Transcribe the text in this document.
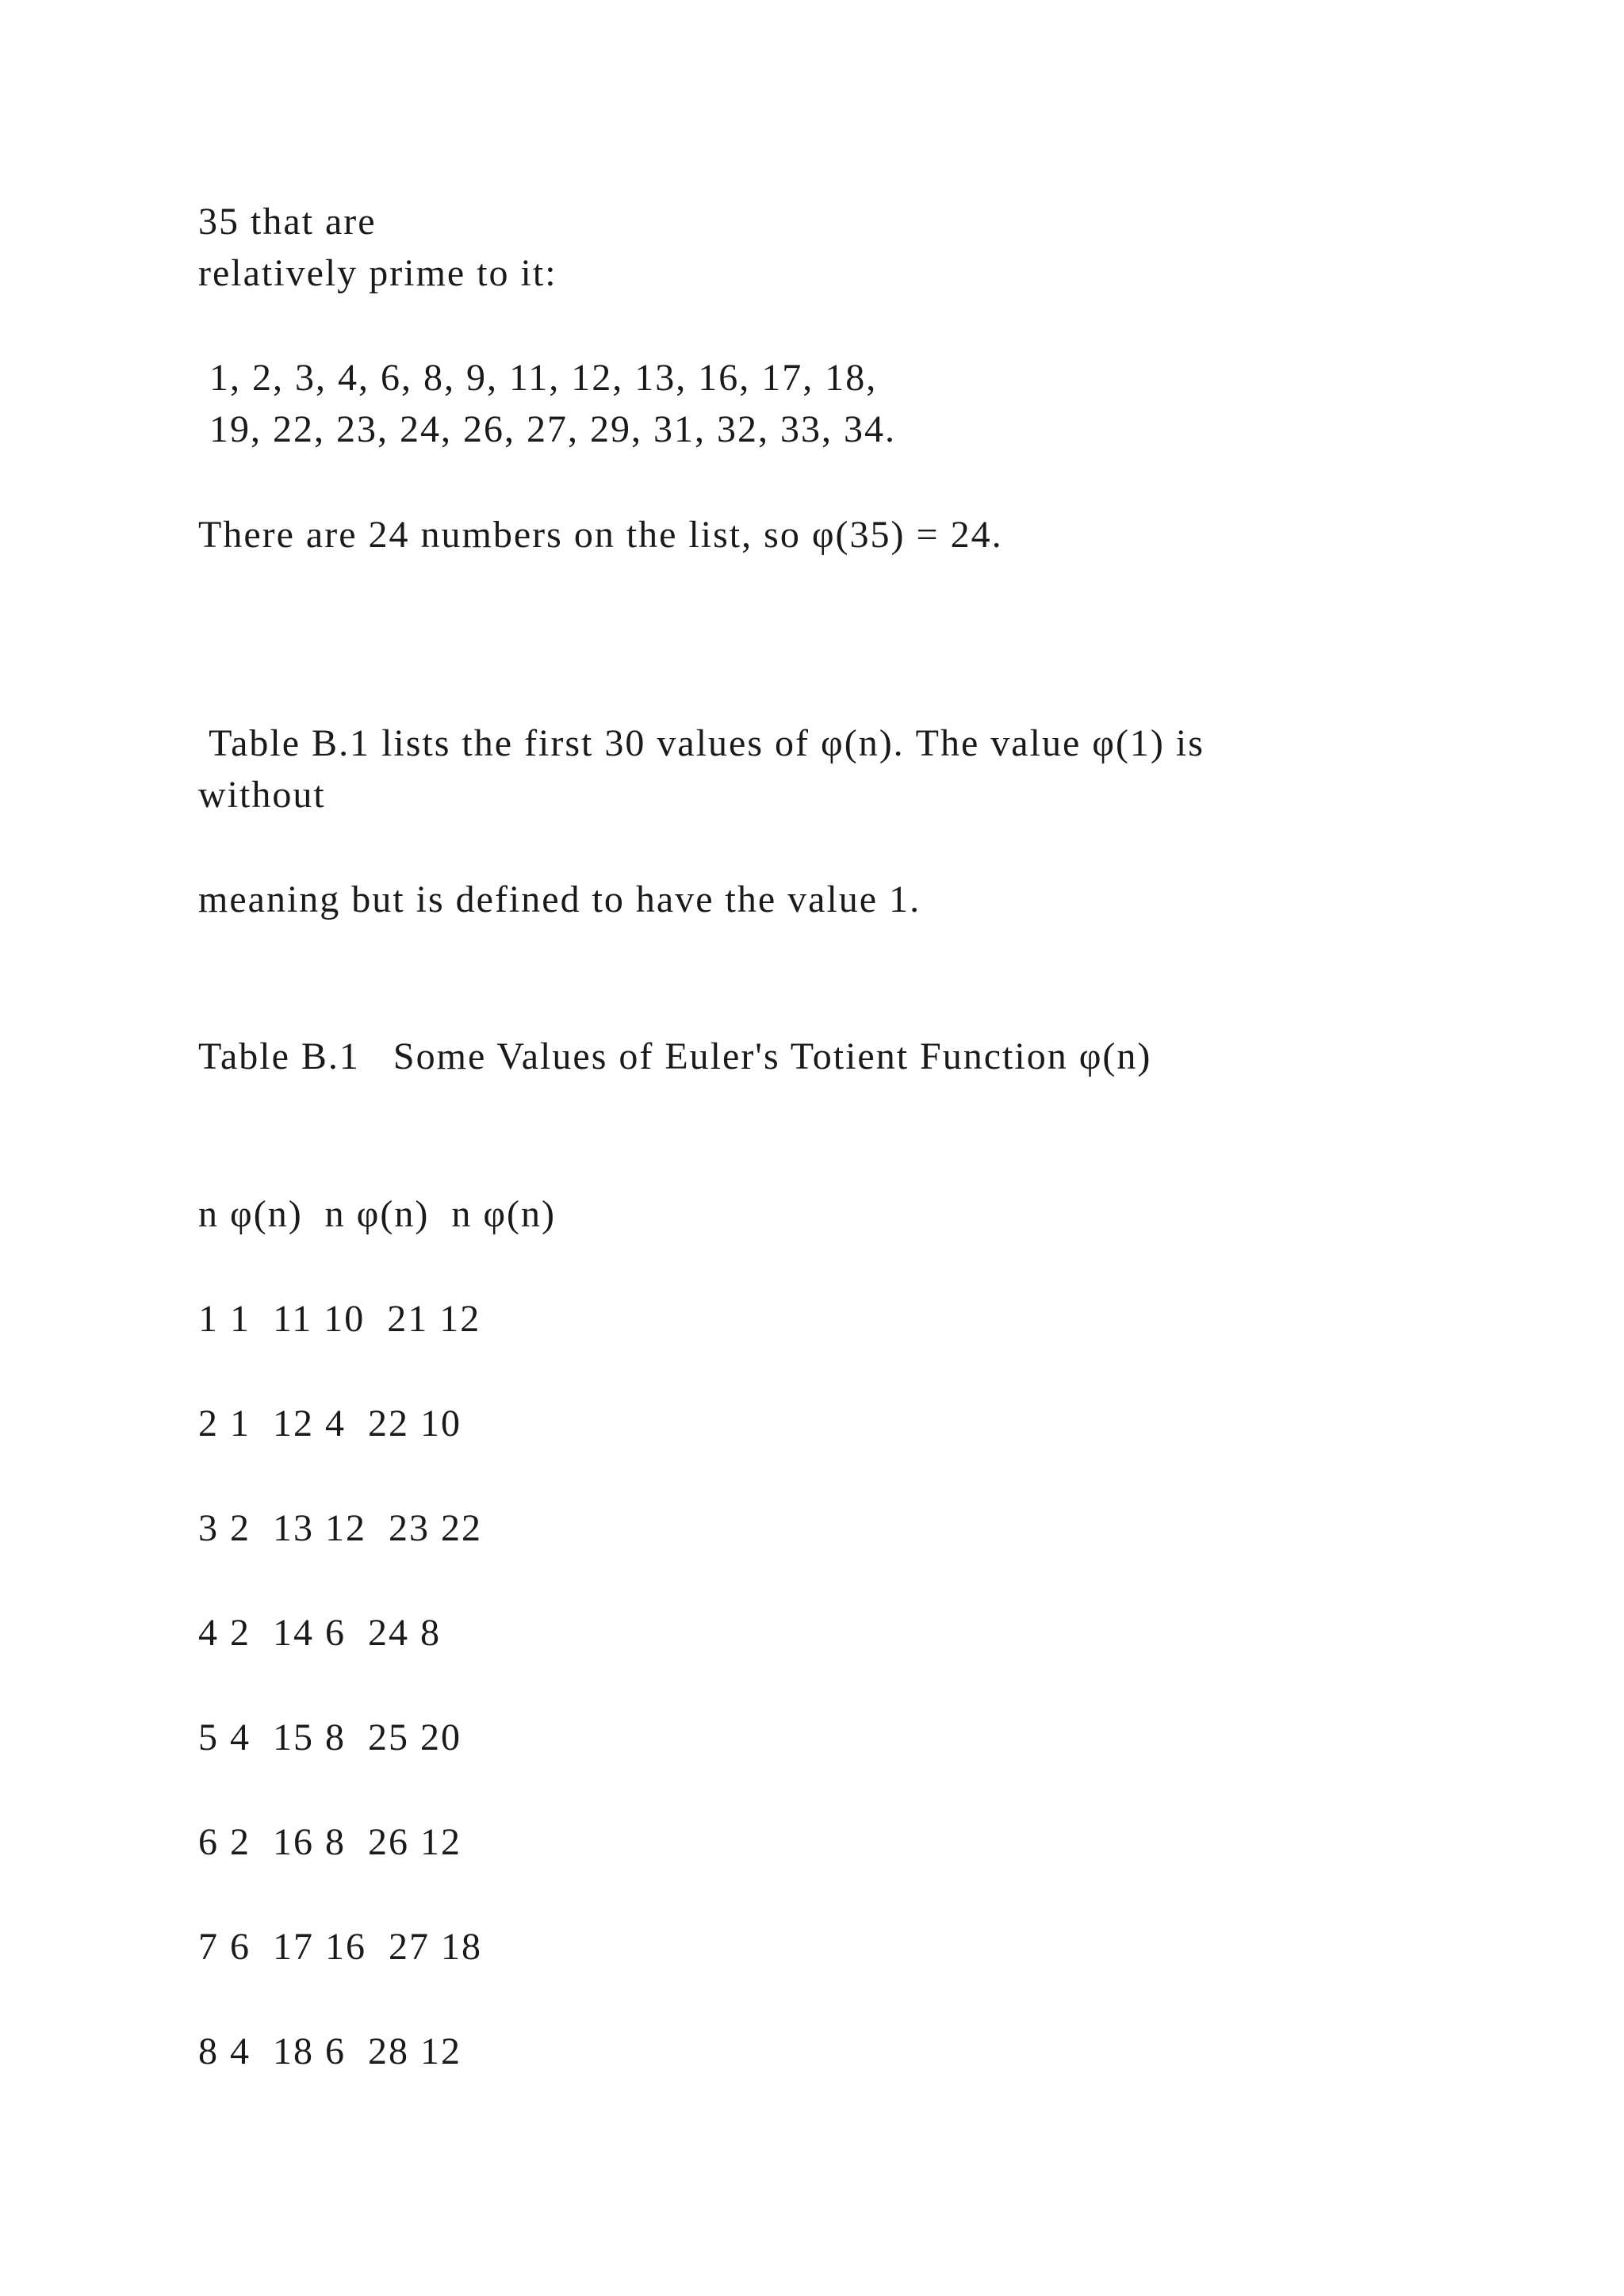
35 that are

relatively prime to it:

1, 2, 3, 4, 6, 8, 9, 11, 12, 13, 16, 17, 18,

19, 22, 23, 24, 26, 27, 29, 31, 32, 33, 34.

There are 24 numbers on the list, so φ(35) = 24.

Table B.1 lists the first 30 values of φ(n). The value φ(1) is

without

meaning but is defined to have the value 1.

Table B.1   Some Values of Euler's Totient Function φ(n)

n φ(n)  n φ(n)  n φ(n)

1 1  11 10  21 12

2 1  12 4  22 10

3 2  13 12  23 22

4 2  14 6  24 8

5 4  15 8  25 20

6 2  16 8  26 12

7 6  17 16  27 18

8 4  18 6  28 12
